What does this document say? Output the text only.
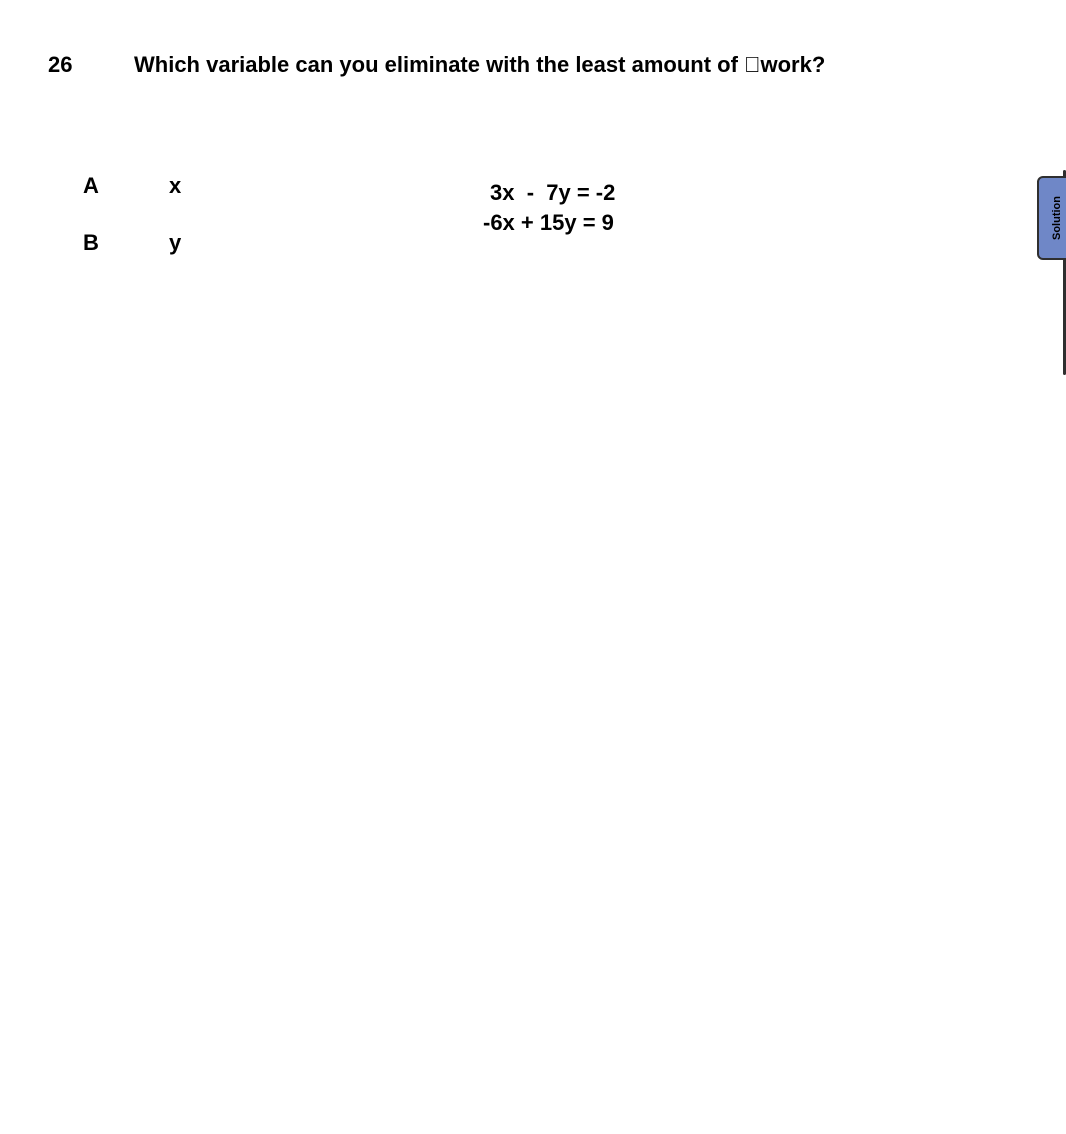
26	Which variable can you eliminate with the least amount of work?
A	x
B	y
3x  -  7y = -2
-6x + 15y = 9	Solution
